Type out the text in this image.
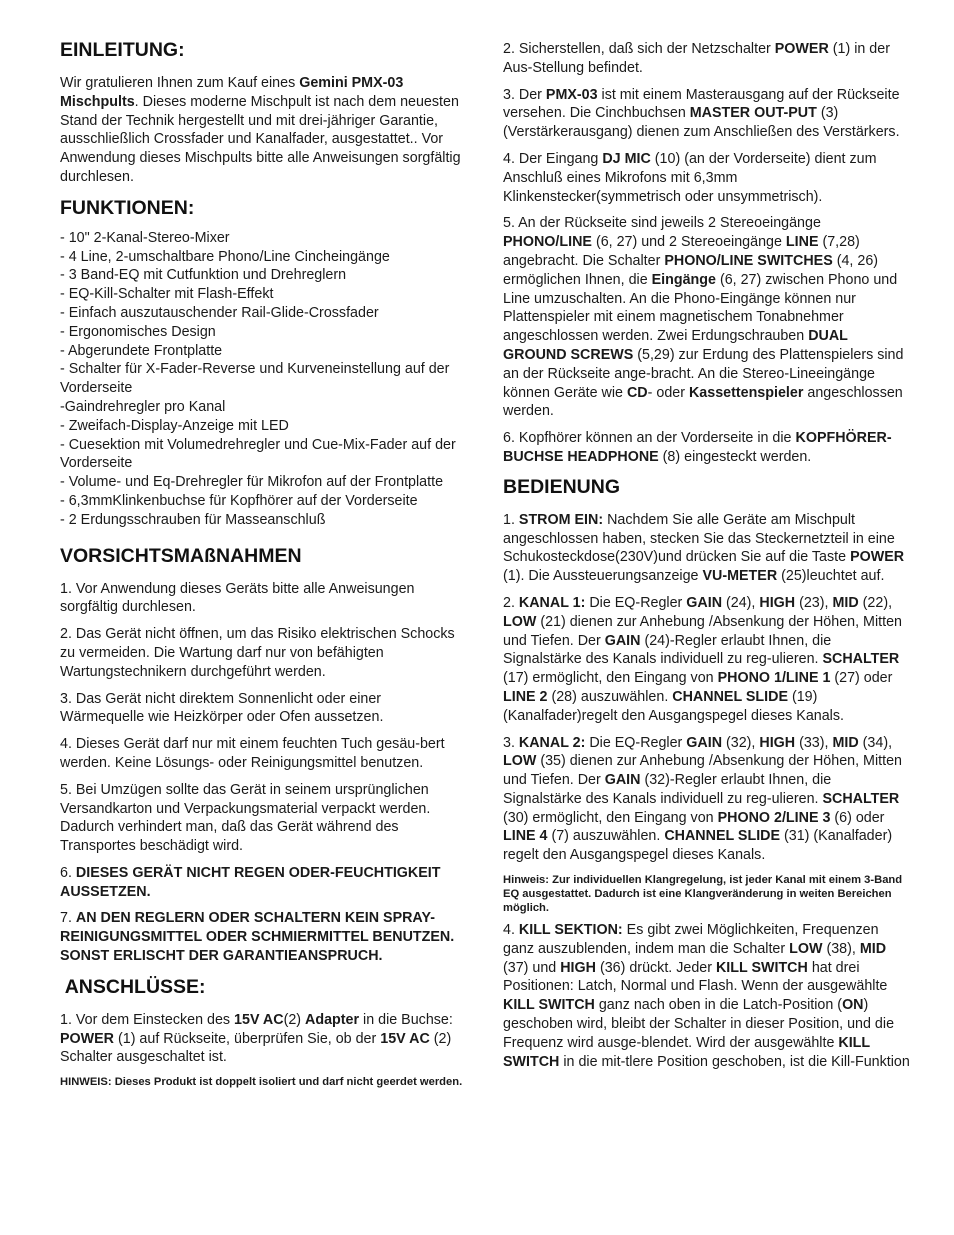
EINLEITUNG:

Wir gratulieren Ihnen zum Kauf eines Gemini PMX-03 Mischpults. Dieses moderne Mischpult ist nach dem neuesten Stand der Technik hergestellt und mit drei-jähriger Garantie, ausschließlich Crossfader und Kanalfader, ausgestattet.. Vor Anwendung dieses Mischpults bitte alle Anweisungen sorgfältig durchlesen.

FUNKTIONEN:
- 10" 2-Kanal-Stereo-Mixer
- 4 Line, 2-umschaltbare Phono/Line Cincheingänge
- 3 Band-EQ mit Cutfunktion und Drehreglern
- EQ-Kill-Schalter mit Flash-Effekt
- Einfach auszutauschender Rail-Glide-Crossfader
- Ergonomisches Design
- Abgerundete Frontplatte
- Schalter für X-Fader-Reverse und Kurveneinstellung auf der Vorderseite
-Gaindrehregler pro Kanal
- Zweifach-Display-Anzeige mit LED
- Cuesektion mit Volumedrehregler und Cue-Mix-Fader auf der Vorderseite
- Volume- und Eq-Drehregler für Mikrofon auf der Frontplatte
- 6,3mmKlinkenbuchse für Kopfhörer auf der Vorderseite
- 2 Erdungsschrauben für Masseanschluß
VORSICHTSMAßNAHMEN

1. Vor Anwendung dieses Geräts bitte alle Anweisungen sorgfältig durchlesen.

2. Das Gerät nicht öffnen, um das Risiko elektrischen Schocks zu vermeiden. Die Wartung darf nur von befähigten Wartungstechnikern durchgeführt werden.

3. Das Gerät nicht direktem Sonnenlicht oder einer Wärmequelle wie Heizkörper oder Ofen aussetzen.

4. Dieses Gerät darf nur mit einem feuchten Tuch gesäu-bert werden. Keine Lösungs- oder Reinigungsmittel benutzen.

5. Bei Umzügen sollte das Gerät in seinem ursprünglichen Versandkarton und Verpackungsmaterial verpackt werden. Dadurch verhindert man, daß das Gerät während des Transportes beschädigt wird.

6. DIESES GERÄT NICHT REGEN ODER-FEUCHTIGKEIT AUSSETZEN.

7. AN DEN REGLERN ODER SCHALTERN KEIN SPRAY-REINIGUNGSMITTEL ODER SCHMIERMITTEL BENUTZEN. SONST ERLISCHT DER GARANTIEANSPRUCH.

ANSCHLÜSSE:

1. Vor dem Einstecken des 15V AC(2) Adapter in die Buchse: POWER (1) auf Rückseite, überprüfen Sie, ob der 15V AC (2) Schalter ausgeschaltet ist.

HINWEIS: Dieses Produkt ist doppelt isoliert und darf nicht geerdet werden.

2. Sicherstellen, daß sich der Netzschalter POWER (1) in der Aus-Stellung befindet.

3. Der PMX-03 ist mit einem Masterausgang auf der Rückseite versehen. Die Cinchbuchsen MASTER OUT-PUT (3) (Verstärkerausgang) dienen zum Anschließen des Verstärkers.

4. Der Eingang DJ MIC (10) (an der Vorderseite) dient zum Anschluß eines Mikrofons mit 6,3mm Klinkenstecker(symmetrisch oder unsymmetrisch).

5. An der Rückseite sind jeweils 2 Stereoeingänge PHONO/LINE (6, 27) und 2 Stereoeingänge LINE (7,28) angebracht. Die Schalter PHONO/LINE SWITCHES (4, 26) ermöglichen Ihnen, die Eingänge (6, 27) zwischen Phono und Line umzuschalten. An die Phono-Eingänge können nur Plattenspieler mit einem magnetischem Tonabnehmer angeschlossen werden. Zwei Erdungschrauben DUAL GROUND SCREWS (5,29) zur Erdung des Plattenspielers sind an der Rückseite ange-bracht. An die Stereo-Lineeingänge können Geräte wie CD- oder Kassettenspieler angeschlossen werden.

6. Kopfhörer können an der Vorderseite in die KOPFHÖRER-BUCHSE HEADPHONE (8) eingesteckt werden.

BEDIENUNG

1. STROM EIN: Nachdem Sie alle Geräte am Mischpult angeschlossen haben, stecken Sie das Steckernetzteil in eine Schukosteckdose(230V)und drücken Sie auf die Taste POWER (1). Die Aussteuerungsanzeige VU-METER (25)leuchtet auf.

2. KANAL 1: Die EQ-Regler GAIN (24), HIGH (23), MID (22), LOW (21) dienen zur Anhebung /Absenkung der Höhen, Mitten und Tiefen. Der GAIN (24)-Regler erlaubt Ihnen, die Signalstärke des Kanals individuell zu reg-ulieren. SCHALTER (17) ermöglicht, den Eingang von PHONO 1/LINE 1 (27) oder LINE 2 (28) auszuwählen. CHANNEL SLIDE (19) (Kanalfader)regelt den Ausgangspegel dieses Kanals.

3. KANAL 2: Die EQ-Regler GAIN (32), HIGH (33), MID (34), LOW (35) dienen zur Anhebung /Absenkung der Höhen, Mitten und Tiefen. Der GAIN (32)-Regler erlaubt Ihnen, die Signalstärke des Kanals individuell zu reg-ulieren. SCHALTER (30) ermöglicht, den Eingang von PHONO 2/LINE 3 (6) oder LINE 4 (7) auszuwählen. CHANNEL SLIDE (31) (Kanalfader) regelt den Ausgangspegel dieses Kanals.

Hinweis: Zur individuellen Klangregelung, ist jeder Kanal mit einem 3-Band EQ ausgestattet. Dadurch ist eine Klangveränderung in weiten Bereichen möglich.

4. KILL SEKTION: Es gibt zwei Möglichkeiten, Frequenzen ganz auszublenden, indem man die Schalter LOW (38), MID (37) und HIGH (36) drückt. Jeder KILL SWITCH hat drei Positionen: Latch, Normal und Flash. Wenn der ausgewählte KILL SWITCH ganz nach oben in die Latch-Position (ON) geschoben wird, bleibt der Schalter in dieser Position, und die Frequenz wird ausge-blendet. Wird der ausgewählte KILL SWITCH in die mit-tlere Position geschoben, ist die Kill-Funktion
